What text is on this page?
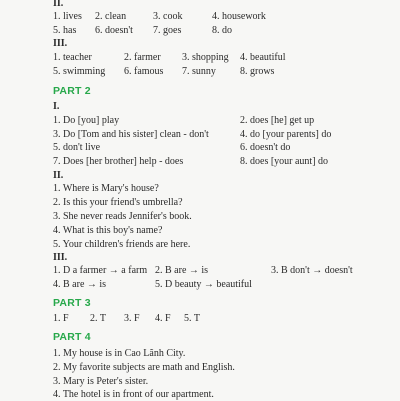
II.
1. lives 2. clean	3. cook	4. housework
5. has 6. doesn't 7. goes	8. do
III.
1. teacher	2. farmer 3. shopping 4. beautiful
5. swimming 6. famous 7. sunny 8. grows
PART 2
I.
1. Do [you] play	2. does [he] get up
3. Do [Tom and his sister] clean - don't	4. do [your parents] do
5. don't live	6. doesn't do
7. Does [her brother] help - does	8. does [your aunt] do
II.
1. Where is Mary's house?
2. Is this your friend's umbrella?
3. She never reads Jennifer's book.
4. What is this boy's name?
5. Your children's friends are here.
III.
1. D a farmer → a farm 2. B are → is	3. B don't → doesn't
4. B are → is	5. D beauty → beautiful
PART 3
1. F 2. T 3. F 4. F 5. T
PART 4
1. My house is in Cao Lãnh City.
2. My favorite subjects are math and English.
3. Mary is Peter's sister.
4. The hotel is in front of our apartment.
